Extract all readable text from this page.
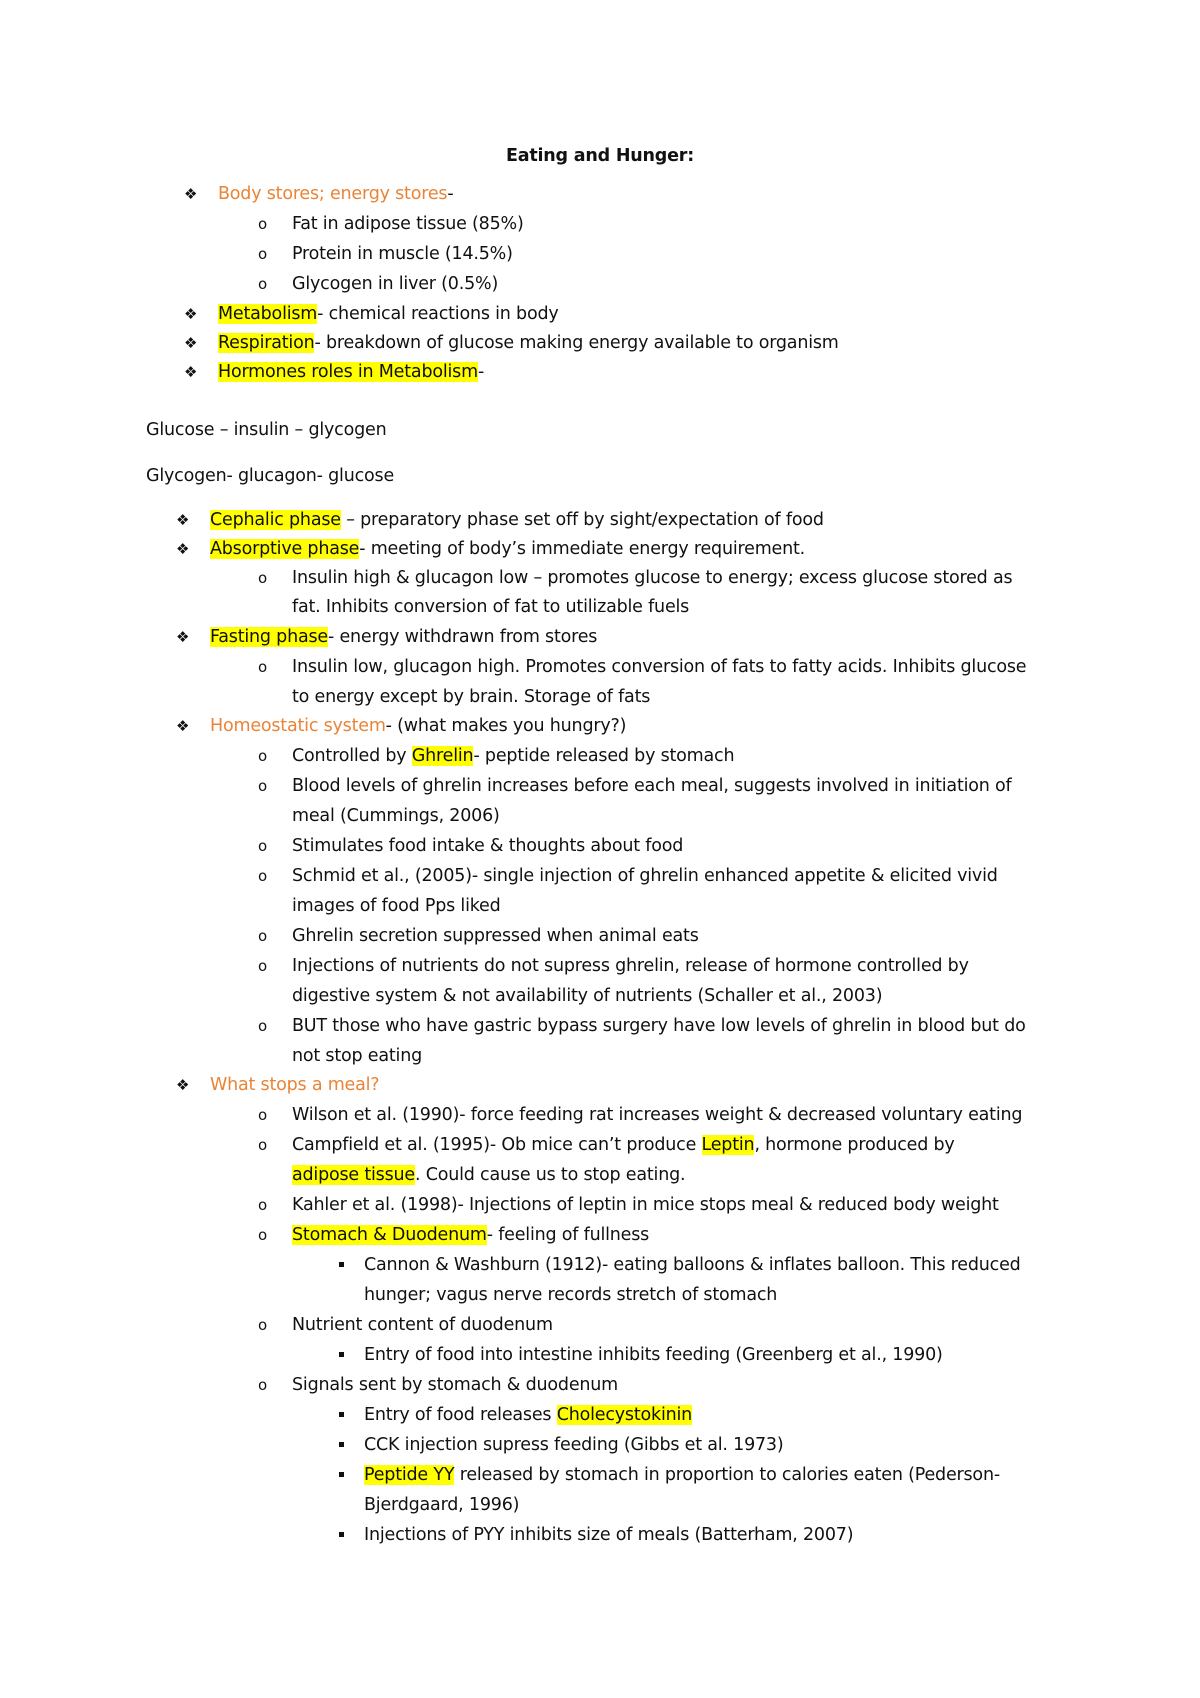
Eating and Hunger:
❖ Body stores; energy stores-
o Fat in adipose tissue (85%)
o Protein in muscle (14.5%)
o Glycogen in liver (0.5%)
❖ Metabolism- chemical reactions in body
❖ Respiration- breakdown of glucose making energy available to organism
❖ Hormones roles in Metabolism-
Glucose – insulin – glycogen
Glycogen- glucagon- glucose
❖ Cephalic phase – preparatory phase set off by sight/expectation of food
❖ Absorptive phase- meeting of body’s immediate energy requirement.
o Insulin high & glucagon low – promotes glucose to energy; excess glucose stored as
fat. Inhibits conversion of fat to utilizable fuels
❖ Fasting phase- energy withdrawn from stores
o Insulin low, glucagon high. Promotes conversion of fats to fatty acids. Inhibits glucose
to energy except by brain. Storage of fats
❖ Homeostatic system- (what makes you hungry?)
o Controlled by Ghrelin- peptide released by stomach
o Blood levels of ghrelin increases before each meal, suggests involved in initiation of
meal (Cummings, 2006)
o Stimulates food intake & thoughts about food
o Schmid et al., (2005)- single injection of ghrelin enhanced appetite & elicited vivid
images of food Pps liked
o Ghrelin secretion suppressed when animal eats
o Injections of nutrients do not supress ghrelin, release of hormone controlled by
digestive system & not availability of nutrients (Schaller et al., 2003)
o BUT those who have gastric bypass surgery have low levels of ghrelin in blood but do
not stop eating
❖ What stops a meal?
o Wilson et al. (1990)- force feeding rat increases weight & decreased voluntary eating
o Campfield et al. (1995)- Ob mice can’t produce Leptin, hormone produced by
adipose tissue. Could cause us to stop eating.
o Kahler et al. (1998)- Injections of leptin in mice stops meal & reduced body weight
o Stomach & Duodenum- feeling of fullness
Cannon & Washburn (1912)- eating balloons & inflates balloon. This reduced
hunger; vagus nerve records stretch of stomach
o Nutrient content of duodenum
Entry of food into intestine inhibits feeding (Greenberg et al., 1990)
o Signals sent by stomach & duodenum
Entry of food releases Cholecystokinin
CCK injection supress feeding (Gibbs et al. 1973)
Peptide YY released by stomach in proportion to calories eaten (Pederson-
Bjerdgaard, 1996)
Injections of PYY inhibits size of meals (Batterham, 2007)
